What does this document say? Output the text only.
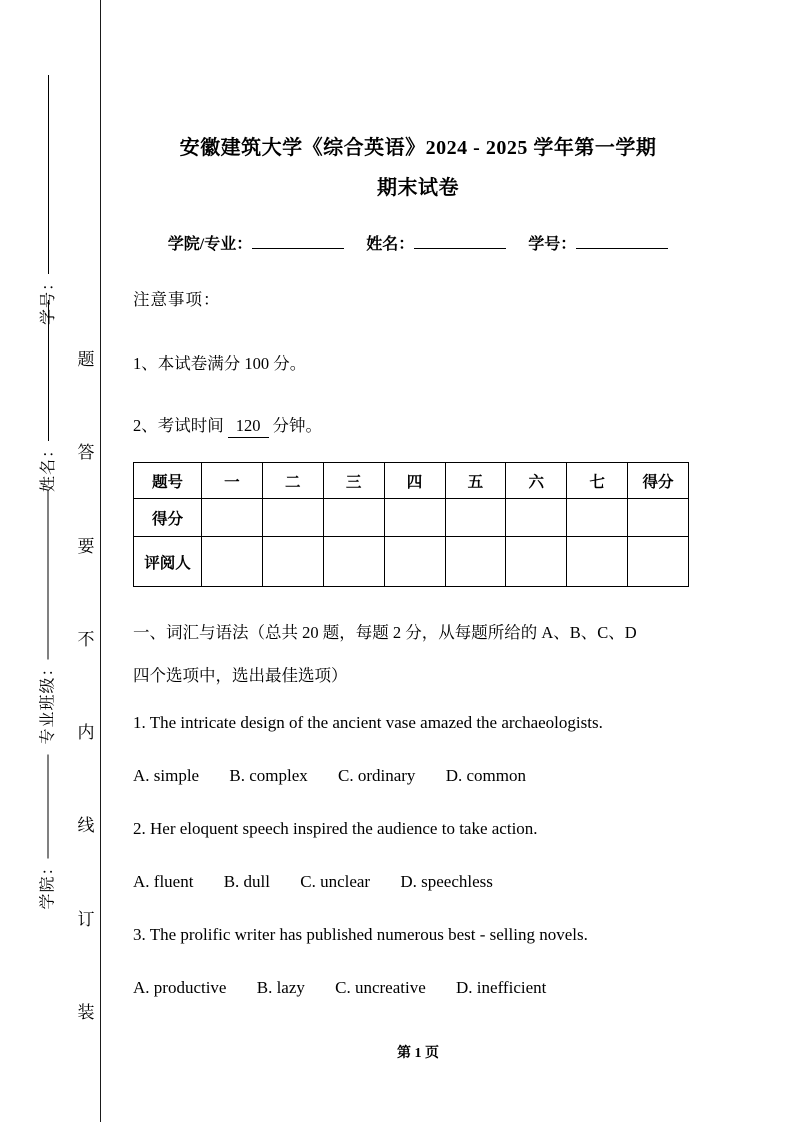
学号：
姓名：
专业班级：
学院：
题
答
要
不
内
线
订
装
安徽建筑大学《综合英语》2024 - 2025 学年第一学期
期末试卷
学院/专业：	姓名：	学号：

注意事项：

1、本试卷满分 100 分。

2、考试时间 120 分钟。

题号	一	二	三	四	五	六	七	得分
得分								
评阅人								

一、词汇与语法（总共 20 题，每题 2 分，从每题所给的 A、B、C、D
四个选项中，选出最佳选项）

1. The intricate design of the ancient vase amazed the archaeologists.

A. simple B. complex C. ordinary D. common

2. Her eloquent speech inspired the audience to take action.

A. fluent B. dull C. unclear D. speechless

3. The prolific writer has published numerous best - selling novels.

A. productive B. lazy C. uncreative D. inefficient

第 1 页
